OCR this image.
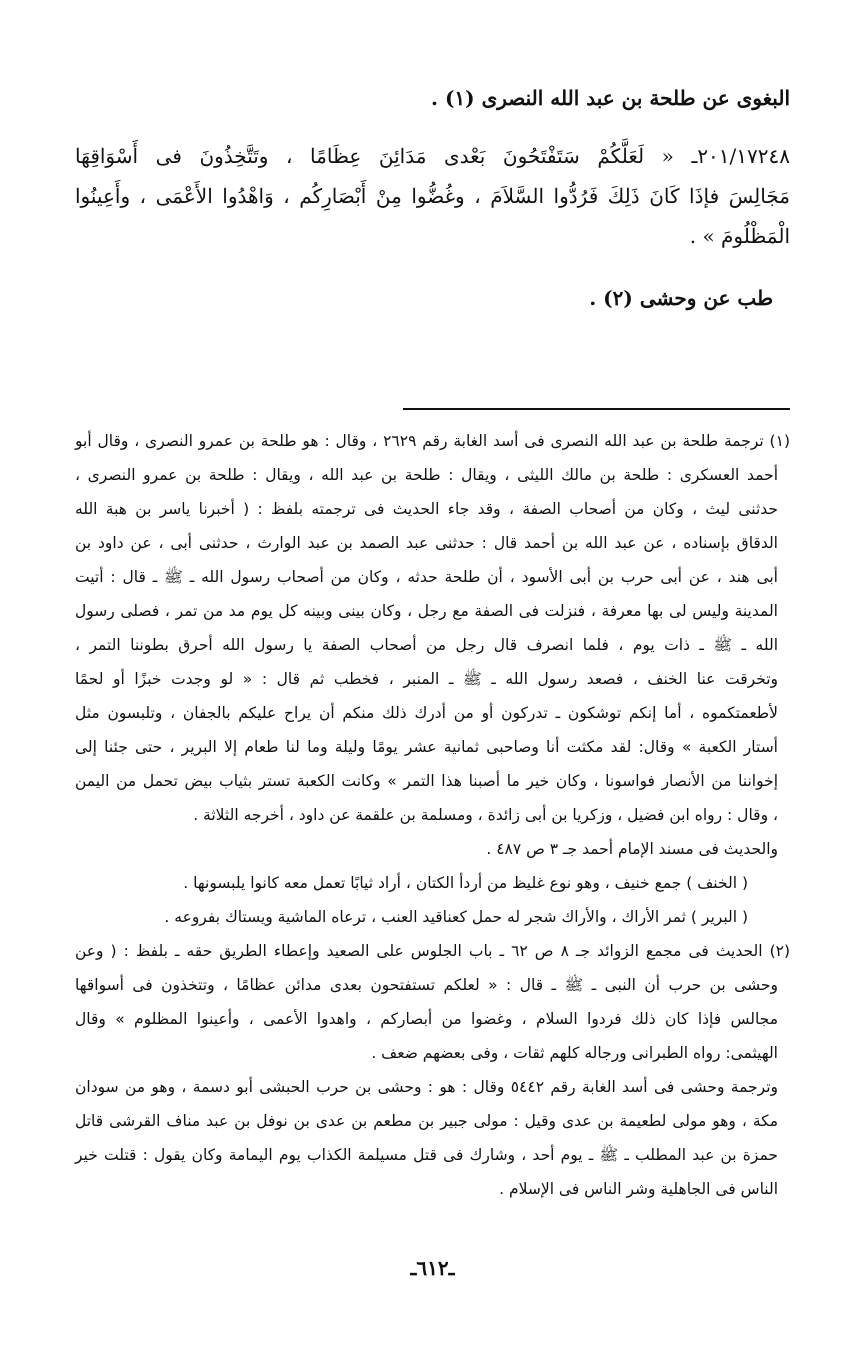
البغوى عن طلحة بن عبد الله النصرى (١) .
٢٠١/١٧٢٤٨ـ « لَعَلَّكُمْ سَتَفْتَحُونَ بَعْدى مَدَائِنَ عِظَامًا ، وتَتَّخِذُونَ فى أَسْوَاقِهَا
مَجَالِسَ فإذَا كَانَ ذَلِكَ فَرُدُّوا السَّلاَمَ ، وغُضُّوا مِنْ أَبْصَارِكُم ، وَاهْدُوا الأَعْمَى ، وأَعِينُوا
الْمَظْلُومَ » .
طب عن وحشى (٢) .
(١) ترجمة طلحة بن عبد الله النصرى فى أسد الغابة رقم ٢٦٢٩ ، وقال : هو طلحة بن عمرو النصرى ، وقال أبو
أحمد العسكرى : طلحة بن مالك الليثى ، ويقال : طلحة بن عبد الله ، ويقال : طلحة بن عمرو النصرى ،
حدثنى ليث ، وكان من أصحاب الصفة ، وقد جاء الحديث فى ترجمته بلفظ : ( أخبرنا ياسر بن هبة الله
الدقاق بإسناده ، عن عبد الله بن أحمد قال : حدثنى عبد الصمد بن عبد الوارث ، حدثنى أبى ، عن داود بن
أبى هند ، عن أبى حرب بن أبى الأسود ، أن طلحة حدثه ، وكان من أصحاب رسول الله ـ ﷺ ـ قال : أتيت
المدينة وليس لى بها معرفة ، فنزلت فى الصفة مع رجل ، وكان بينى وبينه كل يوم مد من تمر ، فصلى رسول
الله ـ ﷺ ـ ذات يوم ، فلما انصرف قال رجل من أصحاب الصفة يا رسول الله أحرق بطوننا التمر ،
وتخرقت عنا الخنف ، فصعد رسول الله ـ ﷺ ـ المنبر ، فخطب ثم قال : « لو وجدت خبزًا أو لحمًا
لأطعمتكموه ، أما إنكم توشكون ـ تدركون أو من أدرك ذلك منكم أن يراح عليكم بالجفان ، وتلبسون مثل
أستار الكعبة » وقال: لقد مكثت أنا وصاحبى ثمانية عشر يومًا وليلة وما لنا طعام إلا البرير ، حتى جئنا إلى
إخواننا من الأنصار فواسونا ، وكان خير ما أصبنا هذا التمر » وكانت الكعبة تستر بثياب بيض تحمل من اليمن
، وقال : رواه ابن فضيل ، وزكريا بن أبى زائدة ، ومسلمة بن علقمة عن داود ، أخرجه الثلاثة .
والحديث فى مسند الإمام أحمد جـ ٣ ص ٤٨٧ .
( الخنف ) جمع خنيف ، وهو نوع غليظ من أردأ الكتان ، أراد ثيابًا تعمل معه كانوا يلبسونها .
( البرير ) ثمر الأراك ، والأراك شجر له حمل كعناقيد العنب ، ترعاه الماشية ويستاك بفروعه .
(٢) الحديث فى مجمع الزوائد جـ ٨ ص ٦٢ ـ باب الجلوس على الصعيد وإعطاء الطريق حقه ـ بلفظ : ( وعن
وحشى بن حرب أن النبى ـ ﷺ ـ قال : « لعلكم تستفتحون بعدى مدائن عظامًا ، وتتخذون فى أسواقها
مجالس فإذا كان ذلك فردوا السلام ، وغضوا من أبصاركم ، واهدوا الأعمى ، وأعينوا المظلوم » وقال
الهيثمى: رواه الطبرانى ورجاله كلهم ثقات ، وفى بعضهم ضعف .
وترجمة وحشى فى أسد الغابة رقم ٥٤٤٢ وقال : هو : وحشى بن حرب الحبشى أبو دسمة ، وهو من سودان
مكة ، وهو مولى لطعيمة بن عدى وقيل : مولى جبير بن مطعم بن عدى بن نوفل بن عبد مناف القرشى قاتل
حمزة بن عبد المطلب ـ ﷺ ـ يوم أحد ، وشارك فى قتل مسيلمة الكذاب يوم اليمامة وكان يقول : قتلت خير
الناس فى الجاهلية وشر الناس فى الإسلام .
ـ٦١٢ـ
